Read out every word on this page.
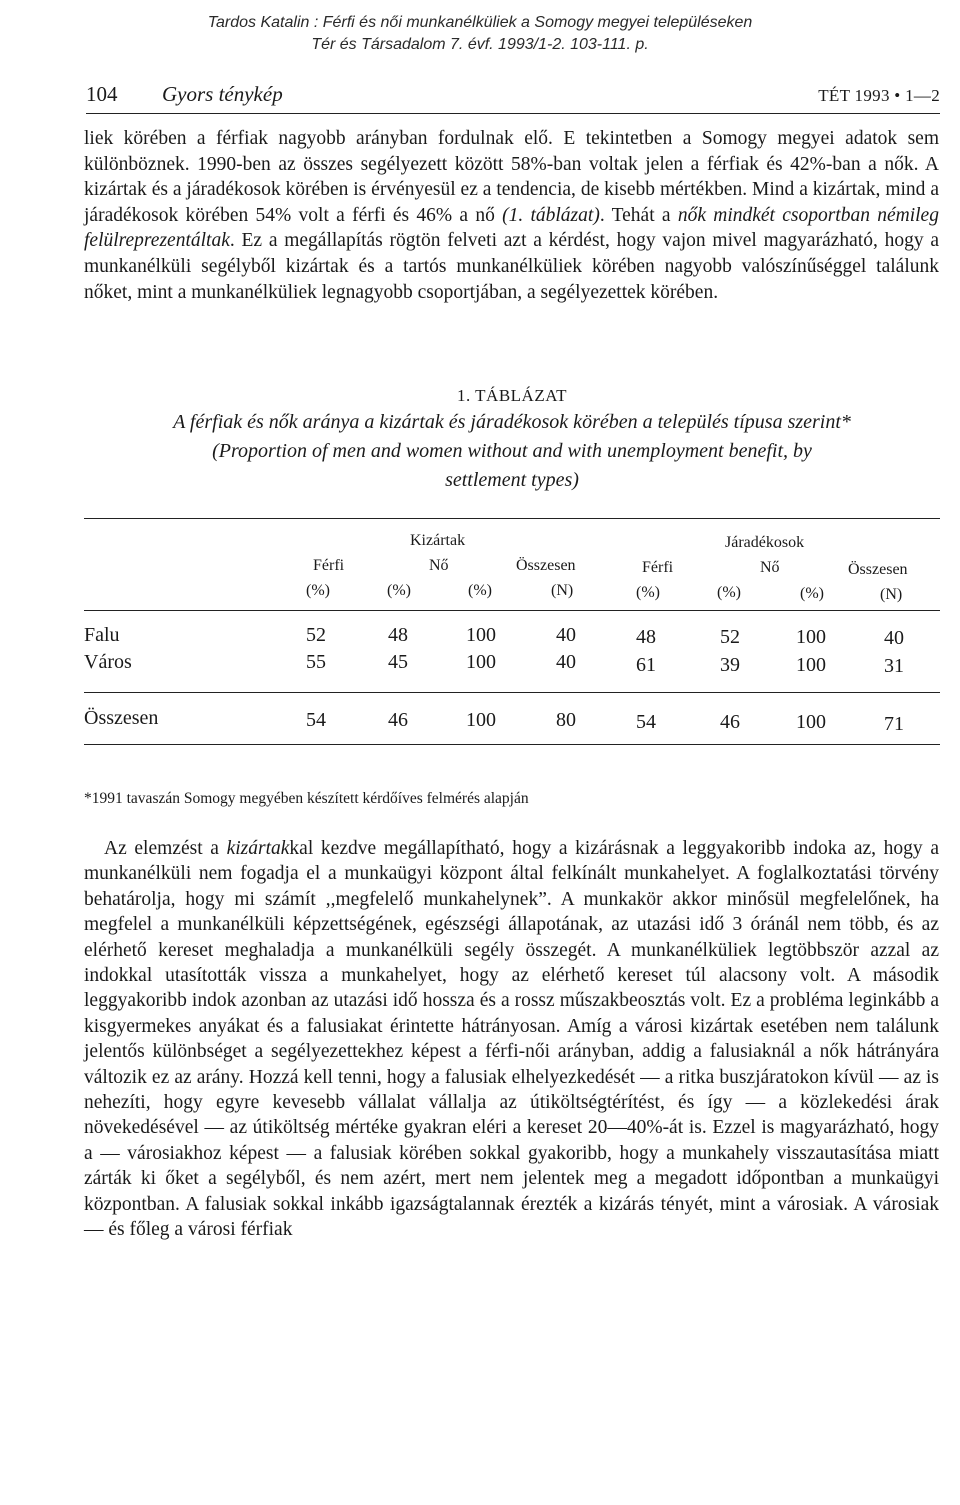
Tardos Katalin : Férfi és női munkanélküliek a Somogy megyei településeken
Tér és Társadalom 7. évf. 1993/1-2. 103-111. p.
104 Gyors ténykép	TÉT 1993 • 1—2

liek körében a férfiak nagyobb arányban fordulnak elő. E tekintetben a Somogy megyei adatok sem különböznek. 1990-ben az összes segélyezett között 58%-ban voltak jelen a férfiak és 42%-ban a nők. A kizártak és a járadékosok körében is érvényesül ez a tendencia, de kisebb mértékben. Mind a kizártak, mind a járadékosok körében 54% volt a férfi és 46% a nő (1. táblázat). Tehát a nők mindkét csoportban némileg felülreprezentáltak. Ez a megállapítás rögtön felveti azt a kérdést, hogy vajon mivel magyarázható, hogy a munkanélküli segélyből kizártak és a tartós munkanélküliek körében nagyobb valószínűséggel találunk nőket, mint a munkanélküliek legnagyobb csoportjában, a segélyezettek körében.

1. TÁBLÁZAT
A férfiak és nők aránya a kizártak és járadékosok körében a település típusa szerint*
(Proportion of men and women without and with unemployment benefit, by
settlement types)
Kizártak	Járadékosok
Férfi	Nő	Összesen	Férfi	Nő	Összesen
(%)	(%)	(%)	(N)	(%)	(%)	(%)	(N)
Falu	52	48	100	40	48	52	100	40
Város	55	45	100	40	61	39	100	31
Összesen	54	46	100	80	54	46	100	71
*1991 tavaszán Somogy megyében készített kérdőíves felmérés alapján

Az elemzést a kizártakkal kezdve megállapítható, hogy a kizárásnak a leggyakoribb indoka az, hogy a munkanélküli nem fogadja el a munkaügyi központ által felkínált munkahelyet. A foglalkoztatási törvény behatárolja, hogy mi számít ,,megfelelő munkahelynek”. A munkakör akkor minősül megfelelőnek, ha megfelel a munkanélküli képzettségének, egészségi állapotának, az utazási idő 3 óránál nem több, és az elérhető kereset meghaladja a munkanélküli segély összegét. A munkanélküliek legtöbbször azzal az indokkal utasították vissza a munkahelyet, hogy az elérhető kereset túl alacsony volt. A második leggyakoribb indok azonban az utazási idő hossza és a rossz műszakbeosztás volt. Ez a probléma leginkább a kisgyermekes anyákat és a falusiakat érintette hátrányosan. Amíg a városi kizártak esetében nem találunk jelentős különbséget a segélyezettekhez képest a férfi-női arányban, addig a falusiaknál a nők hátrányára változik ez az arány. Hozzá kell tenni, hogy a falusiak elhelyezkedését — a ritka buszjáratokon kívül — az is nehezíti, hogy egyre kevesebb vállalat vállalja az útiköltségtérítést, és így — a közlekedési árak növekedésével — az útiköltség mértéke gyakran eléri a kereset 20—40%-át is. Ezzel is magyarázható, hogy a — városiakhoz képest — a falusiak körében sokkal gyakoribb, hogy a munkahely visszautasítása miatt zárták ki őket a segélyből, és nem azért, mert nem jelentek meg a megadott időpontban a munkaügyi központban. A falusiak sokkal inkább igazságtalannak érezték a kizárás tényét, mint a városiak. A városiak — és főleg a városi férfiak
